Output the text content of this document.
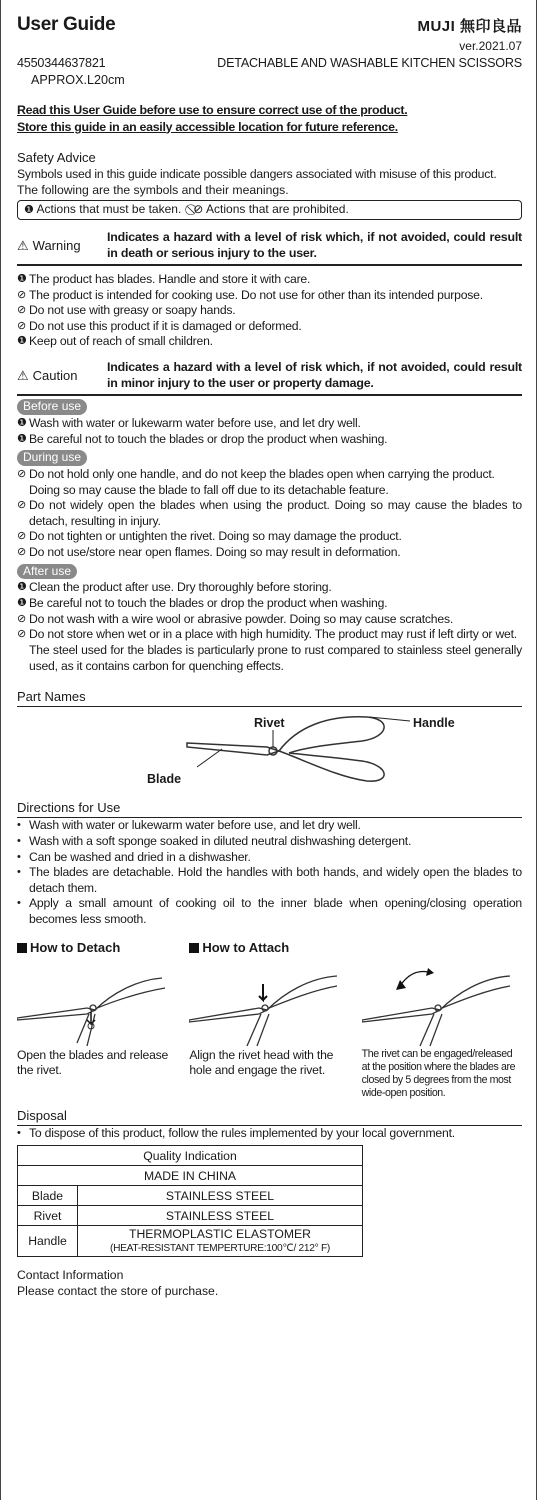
User Guide	MUJI 無印良品
ver.2021.07
4550344637821	DETACHABLE AND WASHABLE KITCHEN SCISSORS
APPROX.L20cm
Read this User Guide before use to ensure correct use of the product.
Store this guide in an easily accessible location for future reference.
Safety Advice
Symbols used in this guide indicate possible dangers associated with misuse of this product.
The following are the symbols and their meanings.
❶ Actions that must be taken. ⊘ Actions that are prohibited.
⚠ Warning
Indicates a hazard with a level of risk which, if not avoided, could result in death or serious injury to the user.
❶ The product has blades. Handle and store it with care.
⊘ The product is intended for cooking use. Do not use for other than its intended purpose.
⊘ Do not use with greasy or soapy hands.
⊘ Do not use this product if it is damaged or deformed.
❶ Keep out of reach of small children.
⚠ Caution
Indicates a hazard with a level of risk which, if not avoided, could result in minor injury to the user or property damage.
Before use
❶ Wash with water or lukewarm water before use, and let dry well.
❶ Be careful not to touch the blades or drop the product when washing.
During use
⊘ Do not hold only one handle, and do not keep the blades open when carrying the product.
Doing so may cause the blade to fall off due to its detachable feature.
⊘ Do not widely open the blades when using the product. Doing so may cause the blades to detach, resulting in injury.
⊘ Do not tighten or untighten the rivet. Doing so may damage the product.
⊘ Do not use/store near open flames. Doing so may result in deformation.
After use
❶ Clean the product after use. Dry thoroughly before storing.
❶ Be careful not to touch the blades or drop the product when washing.
⊘ Do not wash with a wire wool or abrasive powder. Doing so may cause scratches.
⊘ Do not store when wet or in a place with high humidity. The product may rust if left dirty or wet.
The steel used for the blades is particularly prone to rust compared to stainless steel generally used, as it contains carbon for quenching effects.
Part Names
Rivet	Handle
Blade
Directions for Use
• Wash with water or lukewarm water before use, and let dry well.
• Wash with a soft sponge soaked in diluted neutral dishwashing detergent.
• Can be washed and dried in a dishwasher.
• The blades are detachable. Hold the handles with both hands, and widely open the blades to detach them.
• Apply a small amount of cooking oil to the inner blade when opening/closing operation becomes less smooth.
How to Detach
Open the blades and release the rivet.
How to Attach
Align the rivet head with the hole and engage the rivet.
The rivet can be engaged/released at the position where the blades are closed by 5 degrees from the most wide-open position.
Disposal
• To dispose of this product, follow the rules implemented by your local government.
Quality Indication	
MADE IN CHINA	
Blade	STAINLESS STEEL
Rivet	STAINLESS STEEL
Handle	THERMOPLASTIC ELASTOMER
(HEAT-RESISTANT TEMPERTURE:100℃/ 212° F)
Contact Information
Please contact the store of purchase.
